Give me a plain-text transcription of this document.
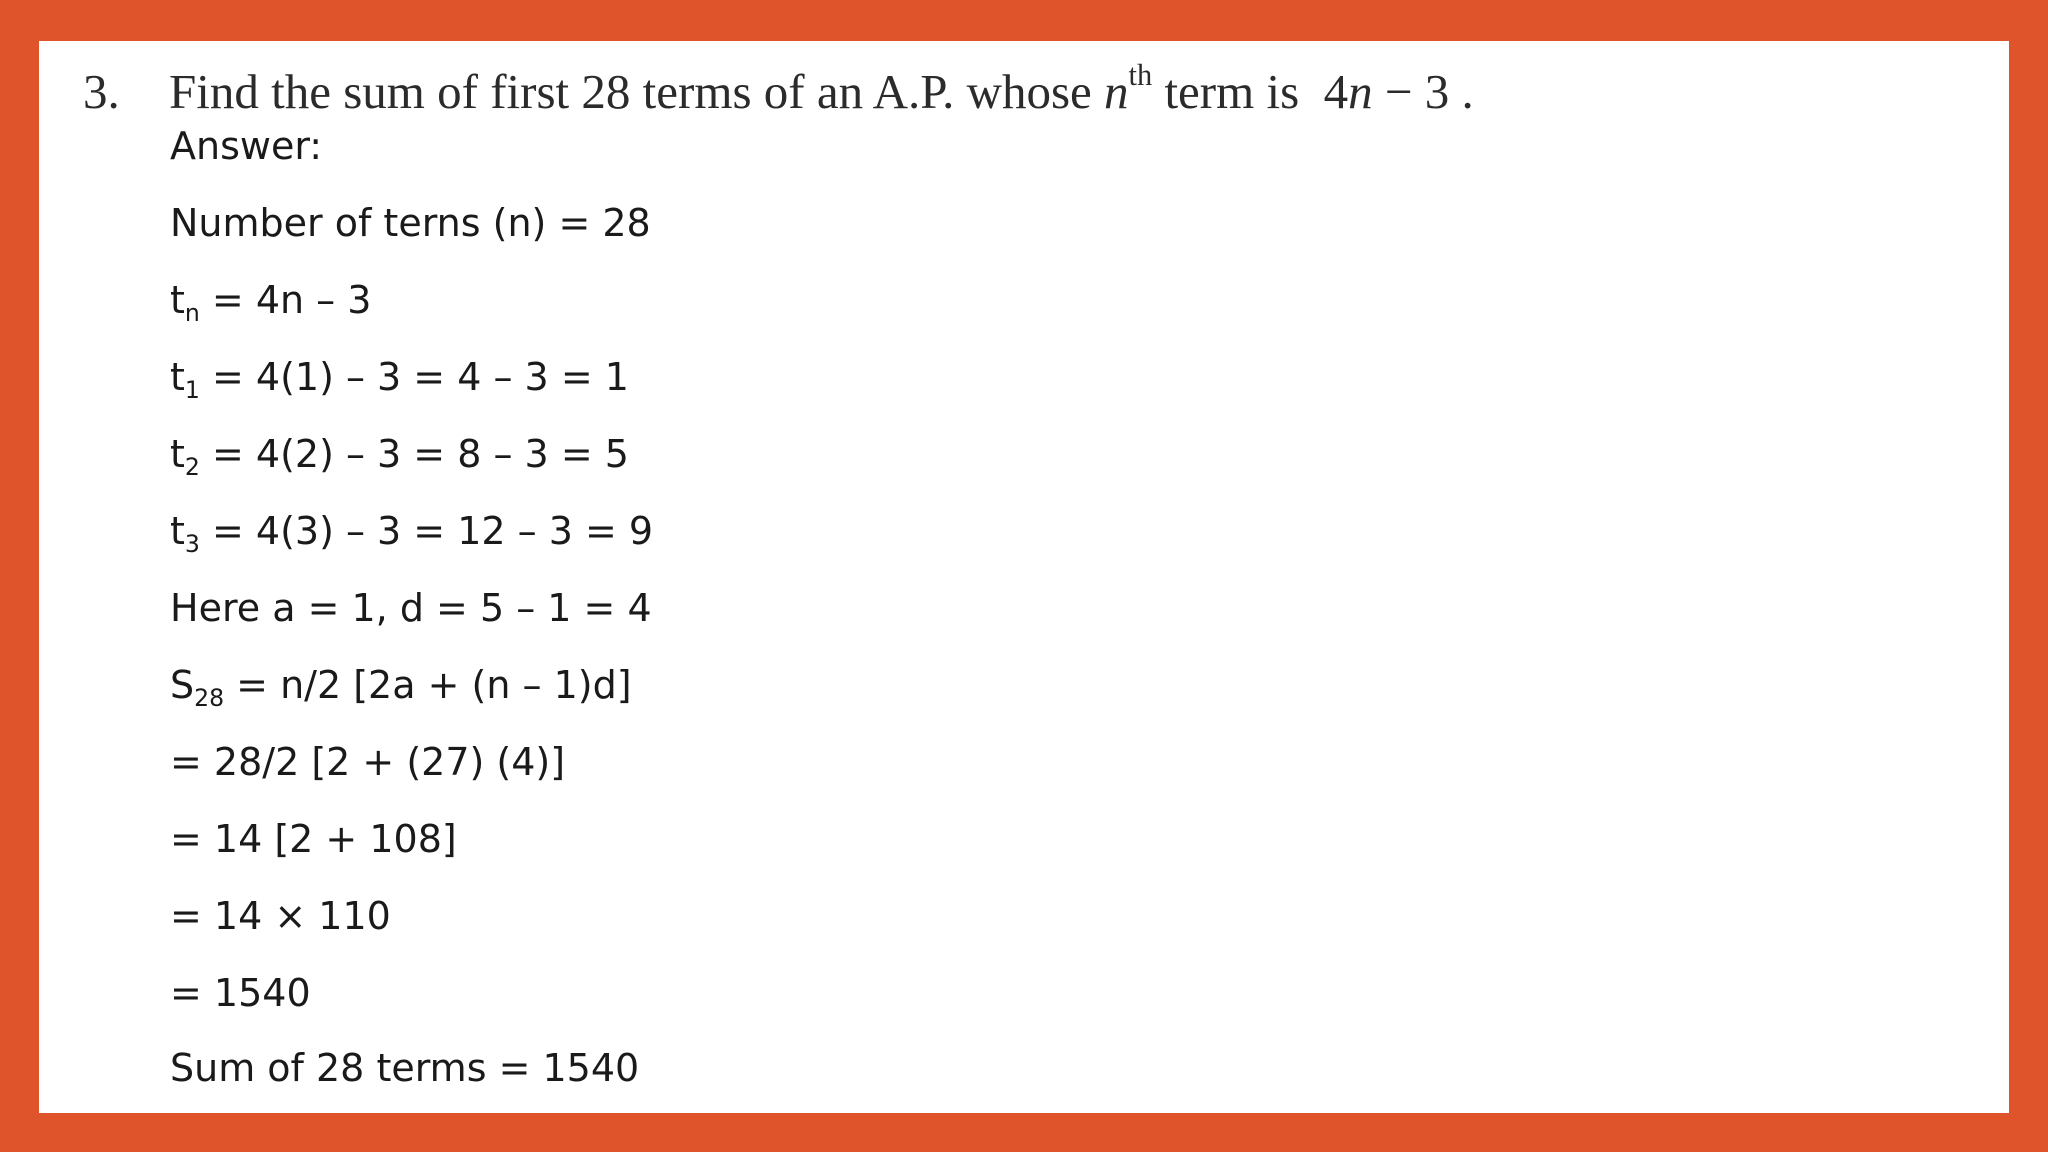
3. Find the sum of first 28 terms of an A.P. whose $n^{th}$ term is 4n − 3 .
Answer:
Number of terns (n) = 28
$t_n = 4n - 3$
$t_1 = 4(1) - 3 = 4 - 3 = 1$
$t_2 = 4(2) - 3 = 8 - 3 = 5$
$t_3 = 4(3) - 3 = 12 - 3 = 9$
Here a = 1, d = 5 – 1 = 4
$S_{28} = n/2$ [2a + (n – 1)d]
= 28/2 [2 + (27) (4)]
= 14 [2 + 108]
= 14 × 110
= 1540
Sum of 28 terms = 1540
